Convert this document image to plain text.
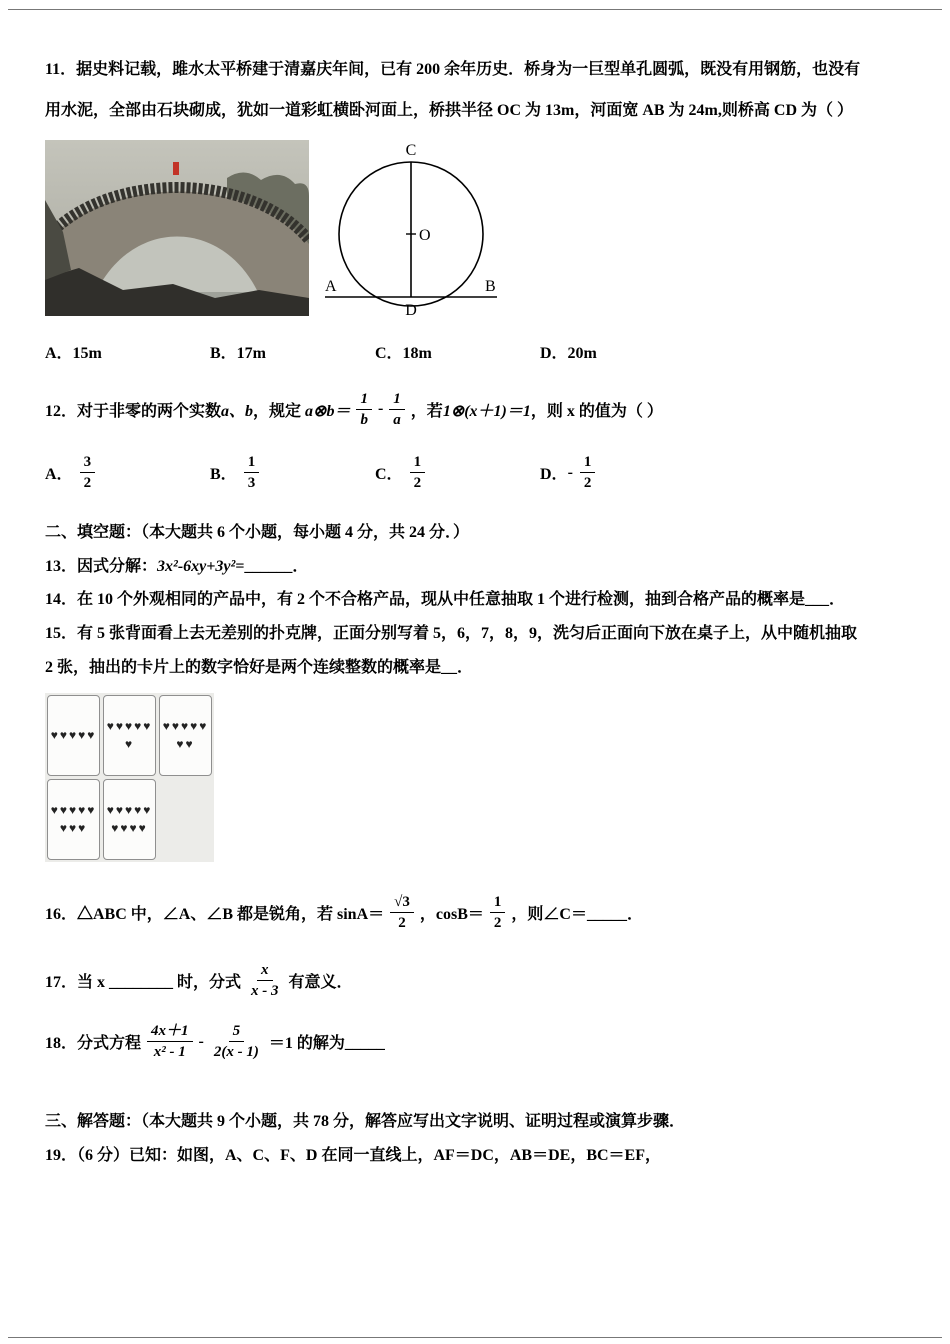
11．据史料记载，雎水太平桥建于清嘉庆年间，已有 200 余年历史．桥身为一巨型单孔圆弧，既没有用钢筋，也没有
用水泥，全部由石块砌成，犹如一道彩虹横卧河面上，桥拱半径 OC 为 13m，河面宽 AB 为 24m,则桥高 CD 为（ ）
C
O
A
D
B
A．15m	B．17m	C．18m	D．20m
12．对于非零的两个实数 a、b ，规定 a⊗b＝ $\frac{1}{b} - \frac{1}{a}$ ，若 1⊗(x＋1)＝1 ，则 x 的值为（ ）
A． $\frac{3}{2}$	B． $\frac{1}{3}$	C． $\frac{1}{2}$	D． - $\frac{1}{2}$
二、填空题：（本大题共 6 个小题，每小题 4 分，共 24 分．）
13．因式分解：3x²-6xy+3y²=______．
14．在 10 个外观相同的产品中，有 2 个不合格产品，现从中任意抽取 1 个进行检测，抽到合格产品的概率是___．
15．有 5 张背面看上去无差别的扑克牌，正面分别写着 5，6，7，8，9，洗匀后正面向下放在桌子上，从中随机抽取
2 张，抽出的卡片上的数字恰好是两个连续整数的概率是__．
♥♥♥♥♥
♥♥♥♥♥♥
♥♥♥♥♥♥♥
♥♥♥♥♥♥♥♥
♥♥♥♥♥♥♥♥♥
16．△ABC 中，∠A、∠B 都是锐角，若 $\sin A= \frac{√3}{2}$ ，$\cos B= \frac{1}{2}$ ，则∠C＝_____．
17．当 x ________ 时，分式 $\frac{x}{x - 3}$ 有意义．
18．分式方程 $\frac{4x+1}{\text{x² - 1}} - \frac{5}{2(x - 1)} =1$ 的解为_____
三、解答题：（本大题共 9 个小题，共 78 分，解答应写出文字说明、证明过程或演算步骤．
19．（6 分）已知：如图，A、C、F、D 在同一直线上，AF＝DC，AB＝DE，BC＝EF，
